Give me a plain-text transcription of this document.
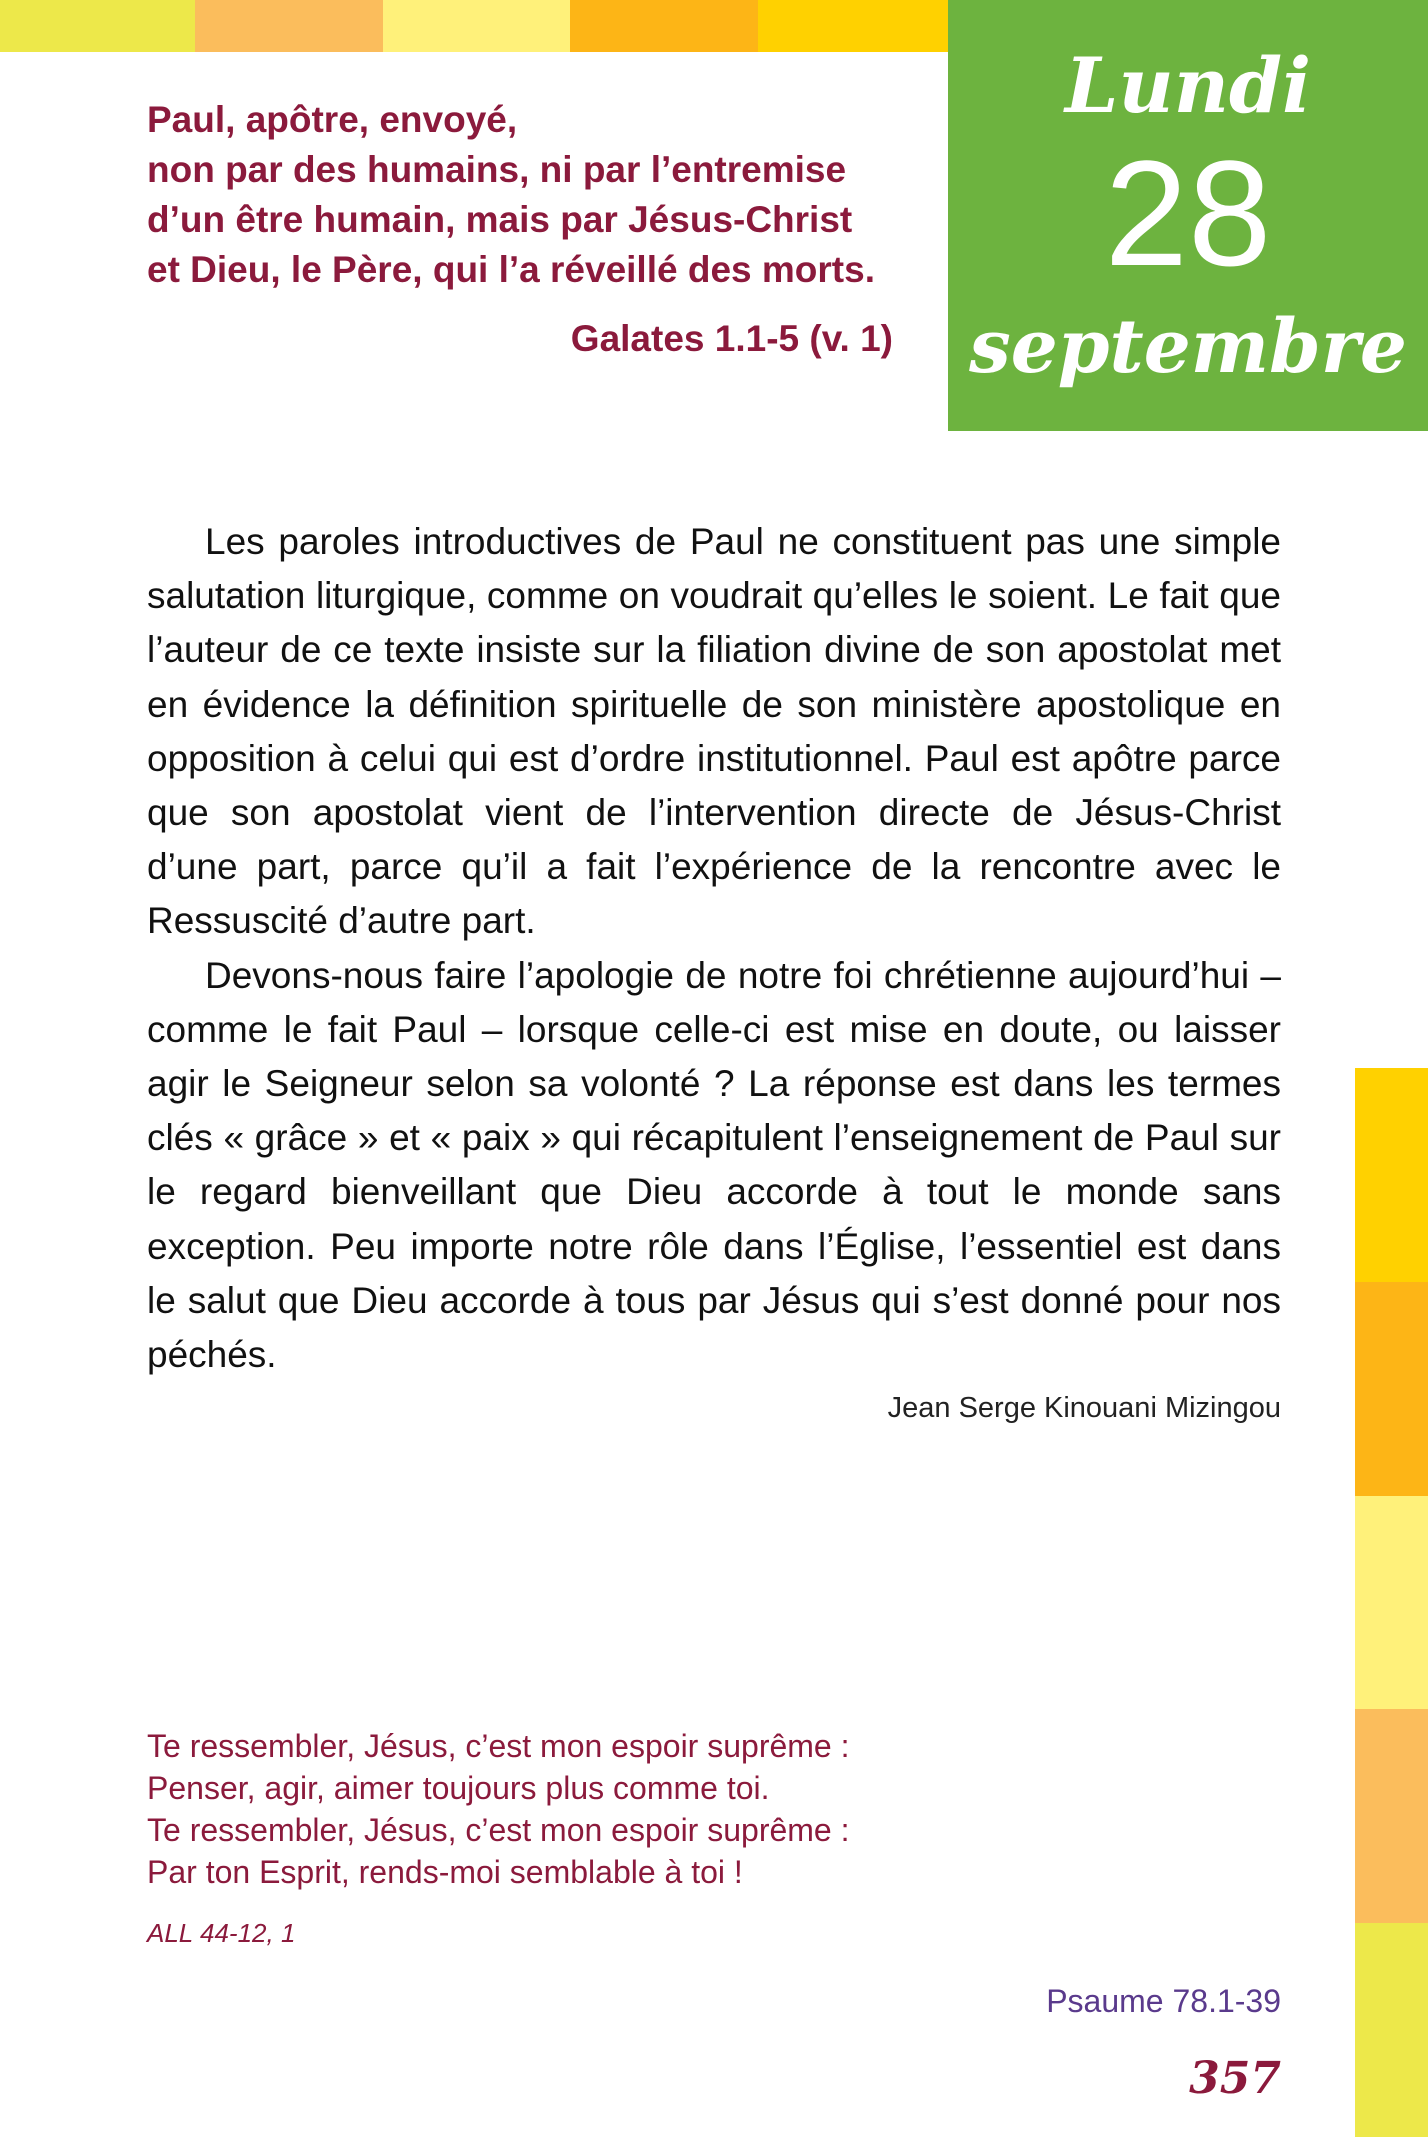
Lundi
28
septembre
Paul, apôtre, envoyé,
non par des humains, ni par l’entremise
d’un être humain, mais par Jésus-Christ
et Dieu, le Père, qui l’a réveillé des morts.
Galates 1.1-5 (v. 1)

Les paroles introductives de Paul ne constituent pas une simple salutation liturgique, comme on voudrait qu’elles le soient. Le fait que l’auteur de ce texte insiste sur la filiation divine de son apostolat met en évidence la définition spirituelle de son ministère apostolique en opposition à celui qui est d’ordre institutionnel. Paul est apôtre parce que son apostolat vient de l’intervention directe de Jésus-Christ d’une part, parce qu’il a fait l’expérience de la rencontre avec le Ressuscité d’autre part.

Devons-nous faire l’apologie de notre foi chrétienne aujourd’hui – comme le fait Paul – lorsque celle-ci est mise en doute, ou laisser agir le Seigneur selon sa volonté ? La réponse est dans les termes clés « grâce » et « paix » qui récapitulent l’enseignement de Paul sur le regard bienveillant que Dieu accorde à tout le monde sans exception. Peu importe notre rôle dans l’Église, l’essentiel est dans le salut que Dieu accorde à tous par Jésus qui s’est donné pour nos péchés.

Jean Serge Kinouani Mizingou
Te ressembler, Jésus, c’est mon espoir suprême :
Penser, agir, aimer toujours plus comme toi.
Te ressembler, Jésus, c’est mon espoir suprême :
Par ton Esprit, rends-moi semblable à toi !
ALL 44-12, 1
Psaume 78.1-39
357
